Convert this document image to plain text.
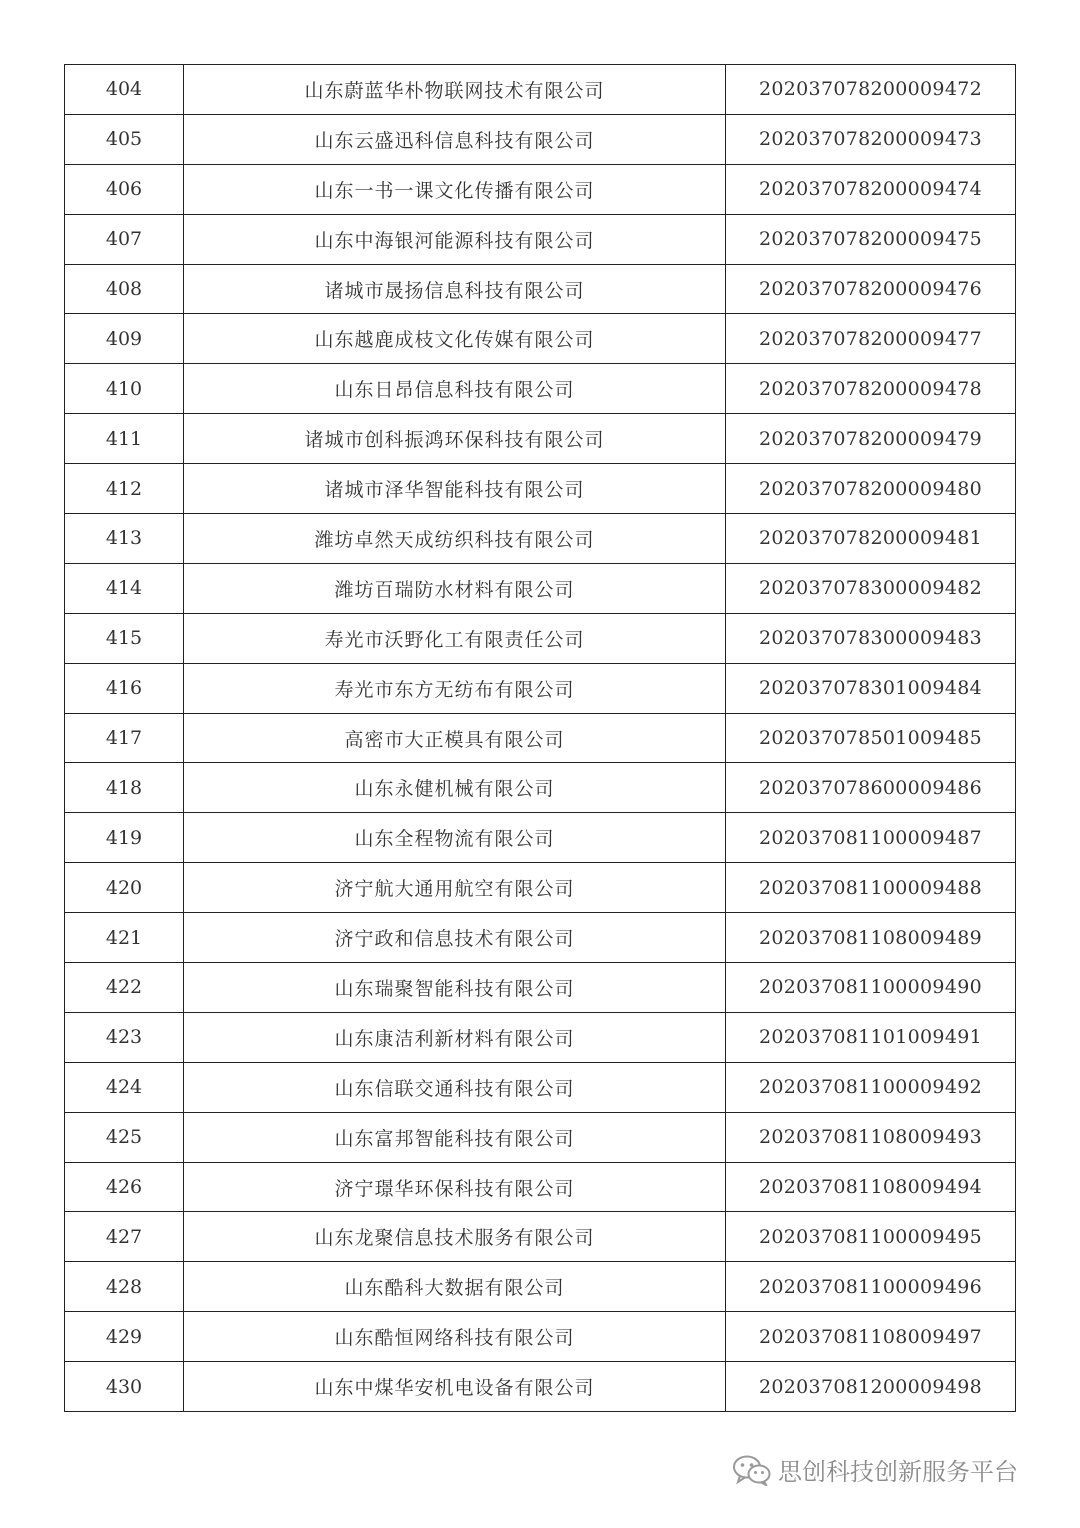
404	山东蔚蓝华朴物联网技术有限公司	202037078200009472
405	山东云盛迅科信息科技有限公司	202037078200009473
406	山东一书一课文化传播有限公司	202037078200009474
407	山东中海银河能源科技有限公司	202037078200009475
408	诸城市晟扬信息科技有限公司	202037078200009476
409	山东越鹿成枝文化传媒有限公司	202037078200009477
410	山东日昂信息科技有限公司	202037078200009478
411	诸城市创科振鸿环保科技有限公司	202037078200009479
412	诸城市泽华智能科技有限公司	202037078200009480
413	潍坊卓然天成纺织科技有限公司	202037078200009481
414	潍坊百瑞防水材料有限公司	202037078300009482
415	寿光市沃野化工有限责任公司	202037078300009483
416	寿光市东方无纺布有限公司	202037078301009484
417	高密市大正模具有限公司	202037078501009485
418	山东永健机械有限公司	202037078600009486
419	山东全程物流有限公司	202037081100009487
420	济宁航大通用航空有限公司	202037081100009488
421	济宁政和信息技术有限公司	202037081108009489
422	山东瑞聚智能科技有限公司	202037081100009490
423	山东康洁利新材料有限公司	202037081101009491
424	山东信联交通科技有限公司	202037081100009492
425	山东富邦智能科技有限公司	202037081108009493
426	济宁璟华环保科技有限公司	202037081108009494
427	山东龙聚信息技术服务有限公司	202037081100009495
428	山东酷科大数据有限公司	202037081100009496
429	山东酷恒网络科技有限公司	202037081108009497
430	山东中煤华安机电设备有限公司	202037081200009498
思创科技创新服务平台
